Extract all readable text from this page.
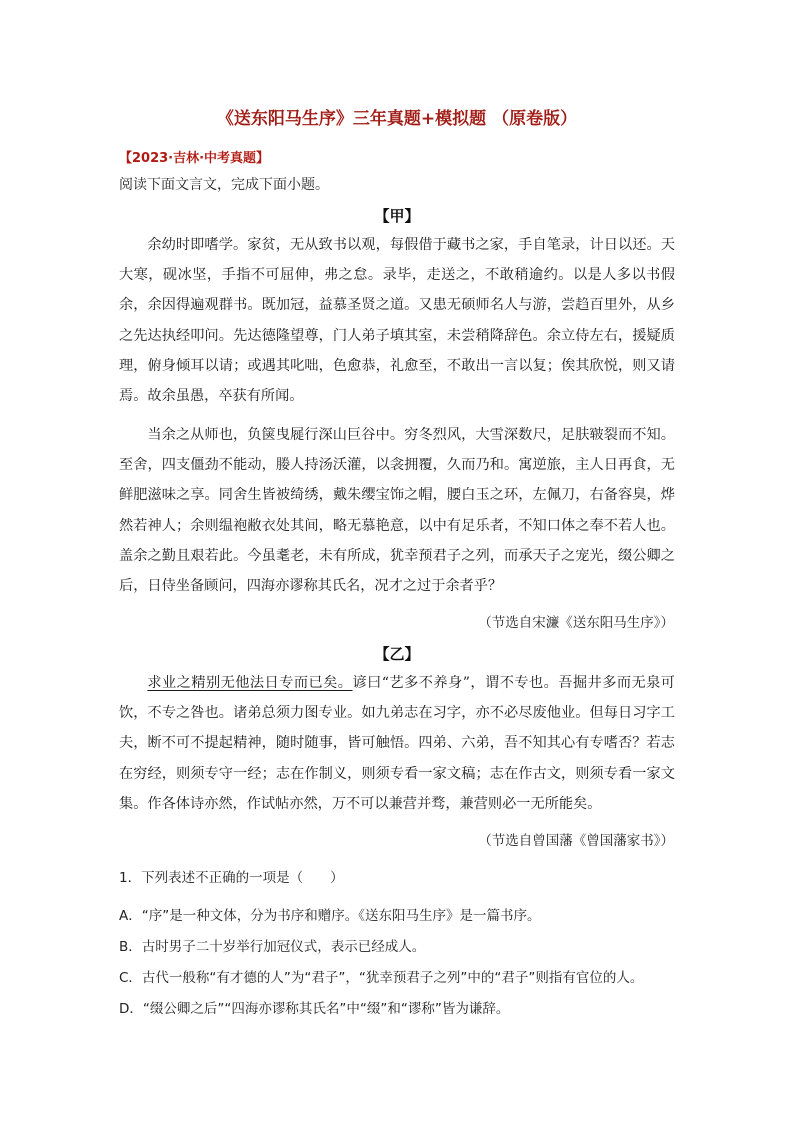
《送东阳马生序》三年真题+模拟题 （原卷版）
【2023·吉林·中考真题】
阅读下面文言文，完成下面小题。
【甲】

余幼时即嗜学。家贫，无从致书以观，每假借于藏书之家，手自笔录，计日以还。天大寒，砚冰坚，手指不可屈伸，弗之怠。录毕，走送之，不敢稍逾约。以是人多以书假余，余因得遍观群书。既加冠，益慕圣贤之道。又患无硕师名人与游，尝趋百里外，从乡之先达执经叩问。先达德隆望尊，门人弟子填其室，未尝稍降辞色。余立侍左右，援疑质理，俯身倾耳以请；或遇其叱咄，色愈恭，礼愈至，不敢出一言以复；俟其欣悦，则又请焉。故余虽愚，卒获有所闻。

当余之从师也，负箧曳屣行深山巨谷中。穷冬烈风，大雪深数尺，足肤皲裂而不知。至舍，四支僵劲不能动，媵人持汤沃灌，以衾拥覆，久而乃和。寓逆旅，主人日再食，无鲜肥滋味之享。同舍生皆被绮绣，戴朱缨宝饰之帽，腰白玉之环，左佩刀，右备容臭，烨然若神人；余则缊袍敝衣处其间，略无慕艳意，以中有足乐者，不知口体之奉不若人也。盖余之勤且艰若此。今虽耄老，未有所成，犹幸预君子之列，而承天子之宠光，缀公卿之后，日侍坐备顾问，四海亦谬称其氏名，况才之过于余者乎？

（节选自宋濂《送东阳马生序》）
【乙】

求业之精别无他法日专而已矣。谚曰“艺多不养身”，谓不专也。吾掘井多而无泉可饮，不专之咎也。诸弟总须力图专业。如九弟志在习字，亦不必尽废他业。但每日习字工夫，断不可不提起精神，随时随事，皆可触悟。四弟、六弟，吾不知其心有专嗜否？若志在穷经，则须专守一经；志在作制义，则须专看一家文稿；志在作古文，则须专看一家文集。作各体诗亦然，作试帖亦然，万不可以兼营并骛，兼营则必一无所能矣。

（节选自曾国藩《曾国藩家书》）
1．下列表述不正确的一项是（　　）
A．“序”是一种文体，分为书序和赠序。《送东阳马生序》是一篇书序。
B．古时男子二十岁举行加冠仪式，表示已经成人。
C．古代一般称“有才德的人”为“君子”，“犹幸预君子之列”中的“君子”则指有官位的人。
D．“缀公卿之后”“四海亦谬称其氏名”中“缀”和“谬称”皆为谦辞。
